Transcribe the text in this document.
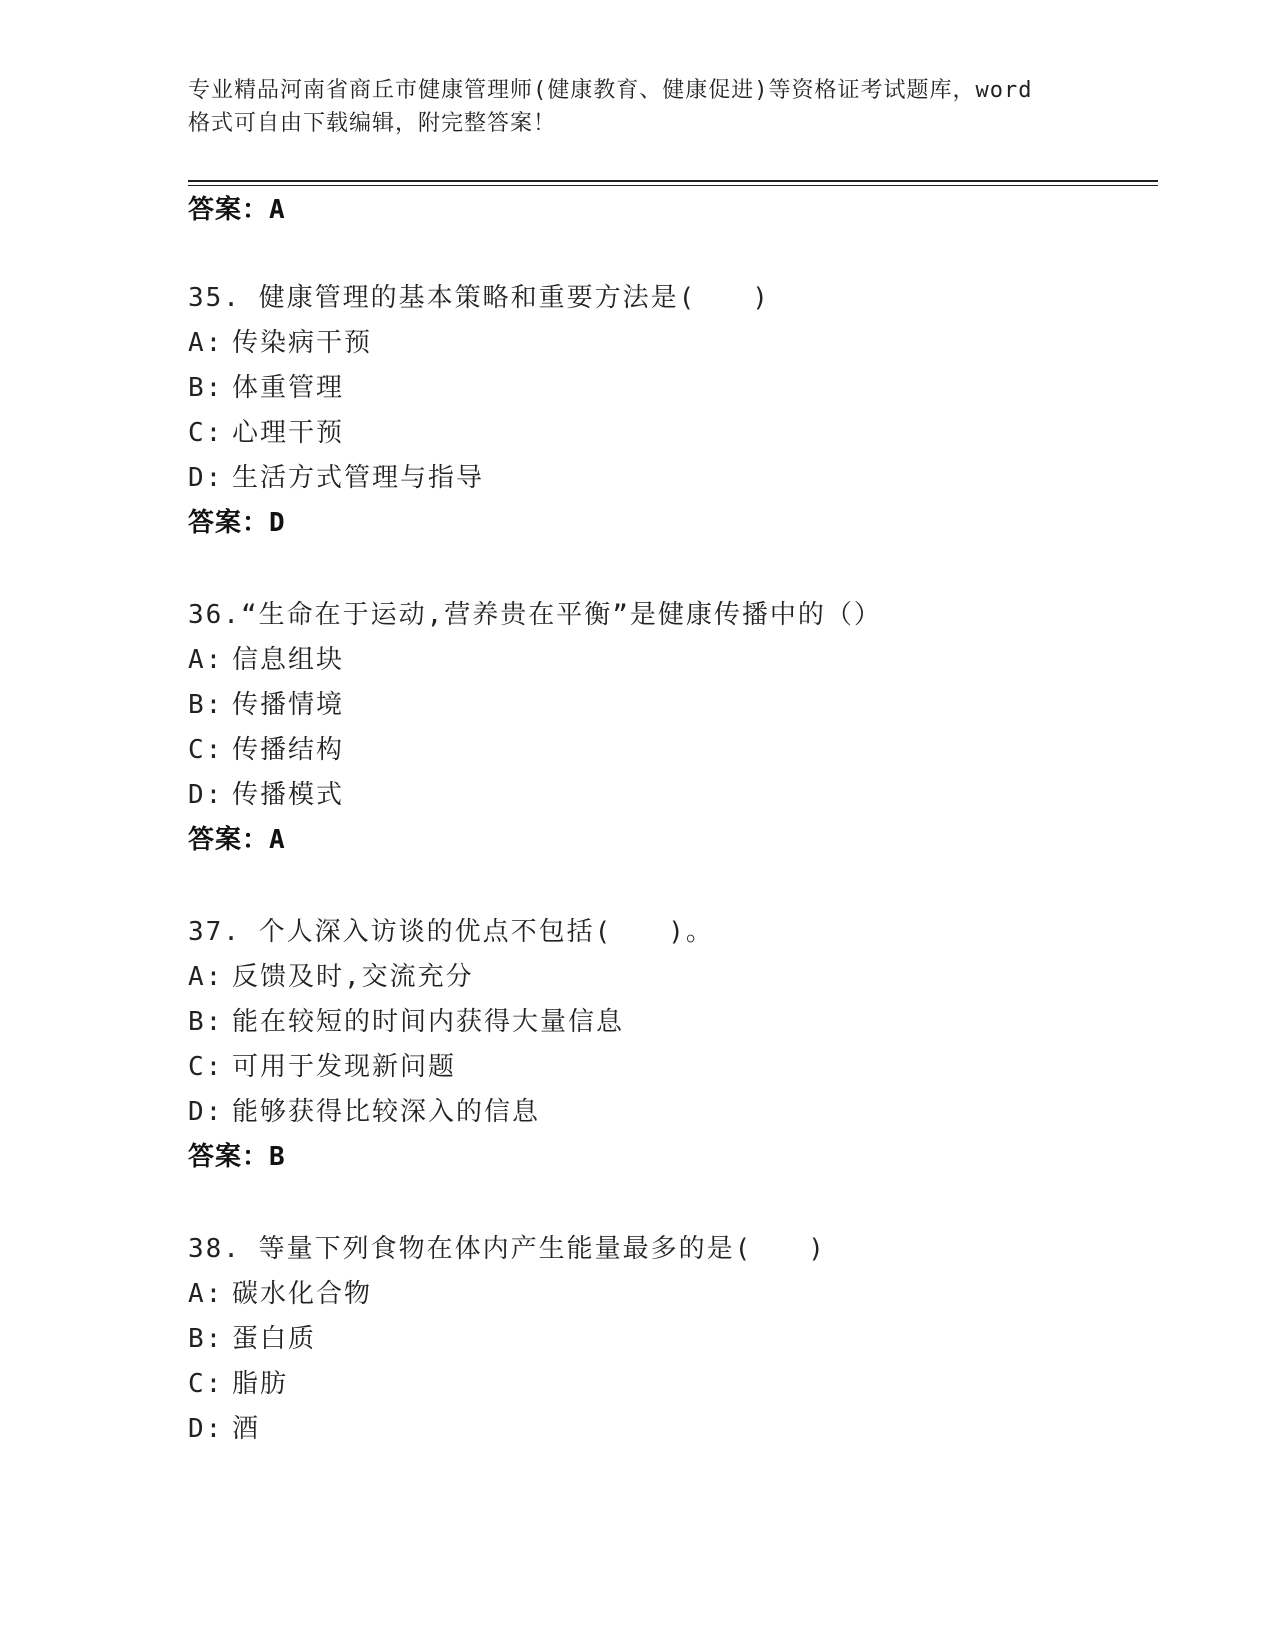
专业精品河南省商丘市健康管理师(健康教育、健康促进)等资格证考试题库，word
格式可自由下载编辑，附完整答案！
答案：A
35. 健康管理的基本策略和重要方法是(　　)
A: 传染病干预
B: 体重管理
C: 心理干预
D: 生活方式管理与指导
答案：D
36.“生命在于运动,营养贵在平衡”是健康传播中的（）
A: 信息组块
B: 传播情境
C: 传播结构
D: 传播模式
答案：A
37. 个人深入访谈的优点不包括(　　)。
A: 反馈及时,交流充分
B: 能在较短的时间内获得大量信息
C: 可用于发现新问题
D: 能够获得比较深入的信息
答案：B
38. 等量下列食物在体内产生能量最多的是(　　)
A: 碳水化合物
B: 蛋白质
C: 脂肪
D: 酒
